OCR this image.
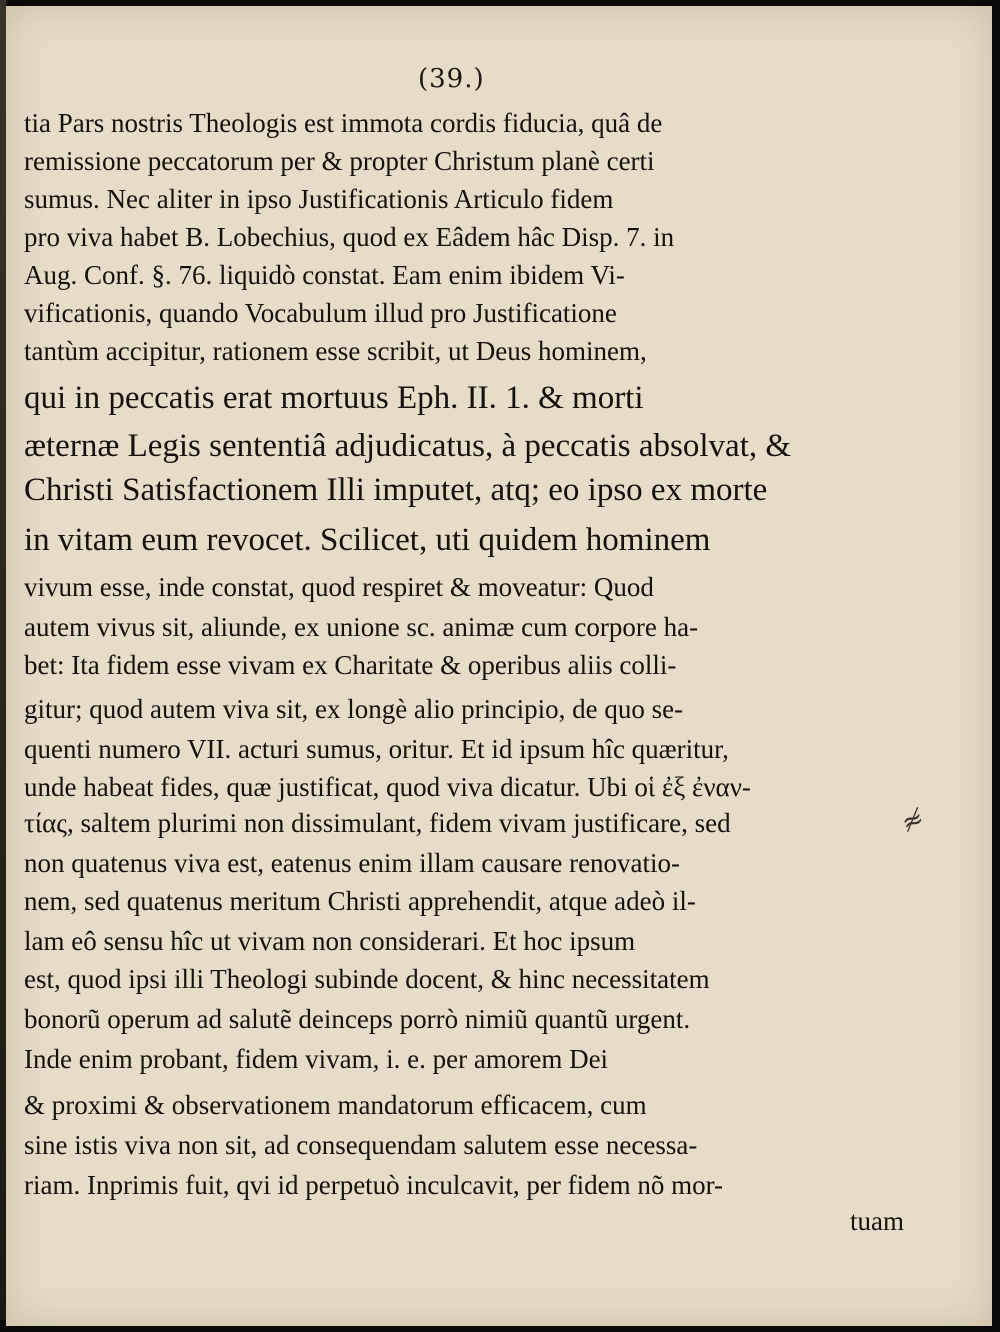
(39.)
tia Pars nostris Theologis est immota cordis fiducia, quâ de
remissione peccatorum per & propter Christum planè certi
sumus. Nec aliter in ipso Justificationis Articulo fidem
pro viva habet B. Lobechius, quod ex Eâdem hâc Disp. 7. in
Aug. Conf. §. 76. liquidò constat. Eam enim ibidem Vi-
vificationis, quando Vocabulum illud pro Justificatione
tantùm accipitur, rationem esse scribit, ut Deus hominem,
qui in peccatis erat mortuus Eph. II. 1. & morti
æternæ Legis sententiâ adjudicatus, à peccatis absolvat, &
Christi Satisfactionem Illi imputet, atq; eo ipso ex morte
in vitam eum revocet. Scilicet, uti quidem hominem
vivum esse, inde constat, quod respiret & moveatur: Quod
autem vivus sit, aliunde, ex unione sc. animæ cum corpore ha-
bet: Ita fidem esse vivam ex Charitate & operibus aliis colli-
gitur; quod autem viva sit, ex longè alio principio, de quo se-
quenti numero VII. acturi sumus, oritur. Et id ipsum hîc quæritur,
unde habeat fides, quæ justificat, quod viva dicatur. Ubi οἱ ἐξ ἐναν-
τίας, saltem plurimi non dissimulant, fidem vivam justificare, sed
non quatenus viva est, eatenus enim illam causare renovatio-
nem, sed quatenus meritum Christi apprehendit, atque adeò il-
lam eô sensu hîc ut vivam non considerari. Et hoc ipsum
est, quod ipsi illi Theologi subinde docent, & hinc necessitatem
bonorũ operum ad salutẽ deinceps porrò nimiũ quantũ urgent.
Inde enim probant, fidem vivam, i. e. per amorem Dei
& proximi & observationem mandatorum efficacem, cum
sine istis viva non sit, ad consequendam salutem esse necessa-
riam. Inprimis fuit, qvi id perpetuò inculcavit, per fidem nõ mor-
tuam
≉
